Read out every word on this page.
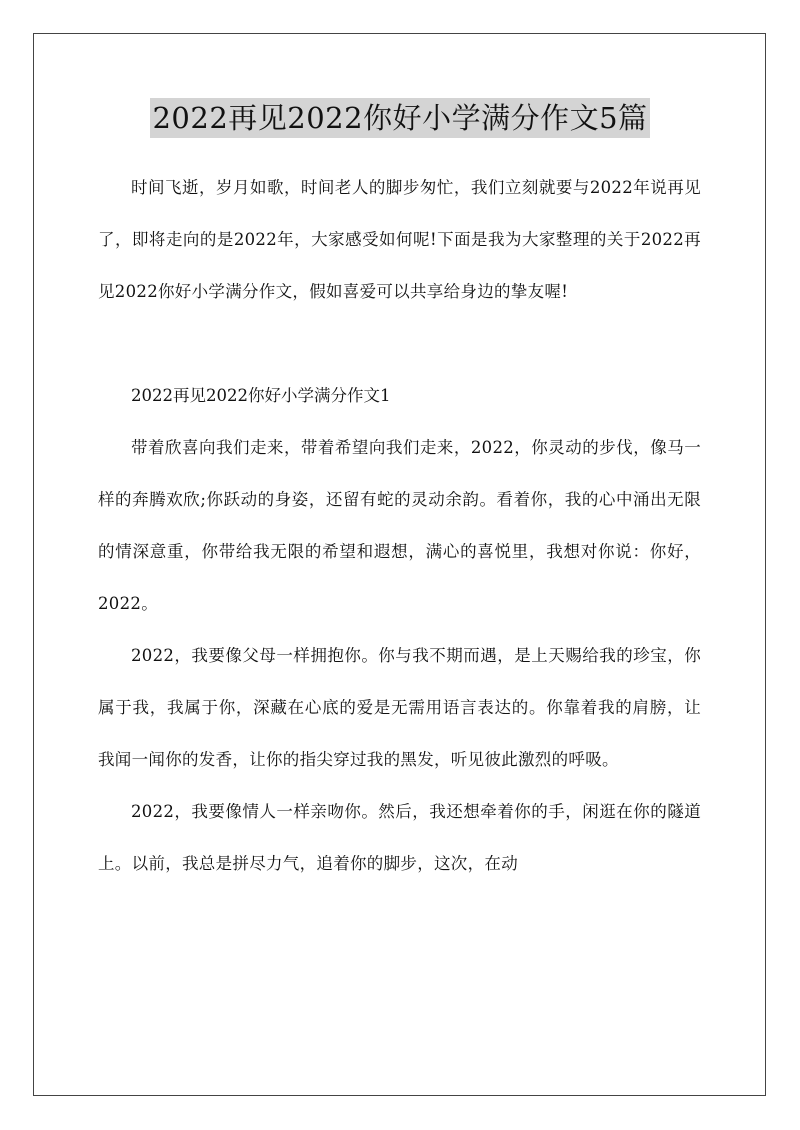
2022再见2022你好小学满分作文5篇

时间飞逝，岁月如歌，时间老人的脚步匆忙，我们立刻就要与2022年说再见了，即将走向的是2022年，大家感受如何呢!下面是我为大家整理的关于2022再见2022你好小学满分作文，假如喜爱可以共享给身边的挚友喔!

2022再见2022你好小学满分作文1

带着欣喜向我们走来，带着希望向我们走来，2022，你灵动的步伐，像马一样的奔腾欢欣;你跃动的身姿，还留有蛇的灵动余韵。看着你，我的心中涌出无限的情深意重，你带给我无限的希望和遐想，满心的喜悦里，我想对你说：你好，2022。

2022，我要像父母一样拥抱你。你与我不期而遇，是上天赐给我的珍宝，你属于我，我属于你，深藏在心底的爱是无需用语言表达的。你靠着我的肩膀，让我闻一闻你的发香，让你的指尖穿过我的黑发，听见彼此激烈的呼吸。

2022，我要像情人一样亲吻你。然后，我还想牵着你的手，闲逛在你的隧道上。以前，我总是拼尽力气，追着你的脚步，这次，在动
